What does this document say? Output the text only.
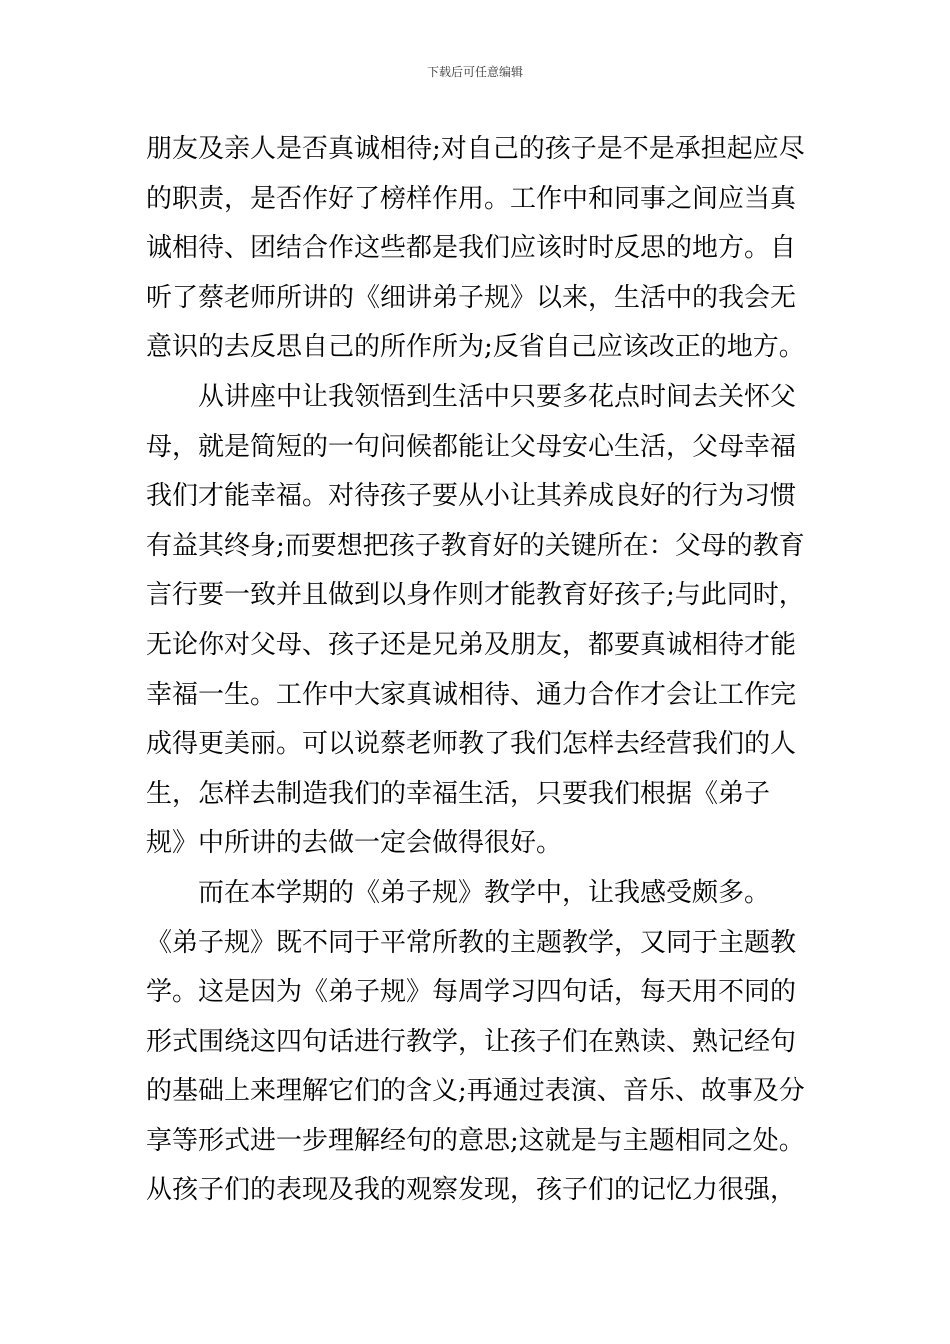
下载后可任意编辑
朋友及亲人是否真诚相待;对自己的孩子是不是承担起应尽
的职责，是否作好了榜样作用。工作中和同事之间应当真
诚相待、团结合作这些都是我们应该时时反思的地方。自
听了蔡老师所讲的《细讲弟子规》以来，生活中的我会无
意识的去反思自己的所作所为;反省自己应该改正的地方。
从讲座中让我领悟到生活中只要多花点时间去关怀父
母，就是简短的一句问候都能让父母安心生活，父母幸福
我们才能幸福。对待孩子要从小让其养成良好的行为习惯
有益其终身;而要想把孩子教育好的关键所在：父母的教育
言行要一致并且做到以身作则才能教育好孩子;与此同时，
无论你对父母、孩子还是兄弟及朋友，都要真诚相待才能
幸福一生。工作中大家真诚相待、通力合作才会让工作完
成得更美丽。可以说蔡老师教了我们怎样去经营我们的人
生，怎样去制造我们的幸福生活，只要我们根据《弟子
规》中所讲的去做一定会做得很好。
而在本学期的《弟子规》教学中，让我感受颇多。
《弟子规》既不同于平常所教的主题教学，又同于主题教
学。这是因为《弟子规》每周学习四句话，每天用不同的
形式围绕这四句话进行教学，让孩子们在熟读、熟记经句
的基础上来理解它们的含义;再通过表演、音乐、故事及分
享等形式进一步理解经句的意思;这就是与主题相同之处。
从孩子们的表现及我的观察发现，孩子们的记忆力很强，
